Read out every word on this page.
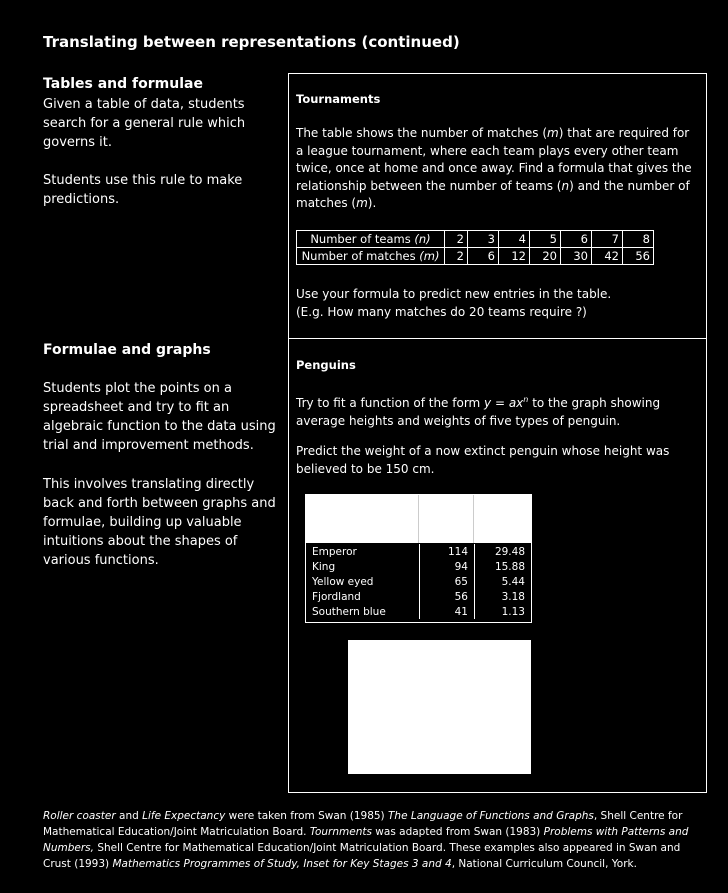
Translating between representations (continued)
Tables and formulae
Given a table of data, students search for a general rule which governs it.
Students use this rule to make predictions.
Formulae and graphs
Students plot the points on a spreadsheet and try to fit an algebraic function to the data using trial and improvement methods.
This involves translating directly back and forth between graphs and formulae, building up valuable intuitions about the shapes of various functions.
Tournaments
The table shows the number of matches (m) that are required for a league tournament, where each team plays every other team twice, once at home and once away. Find a formula that gives the relationship between the number of teams (n) and the number of matches (m).
Number of teams (n)	2	3	4	5	6	7	8
Number of matches (m)	2	6	12	20	30	42	56
Use your formula to predict new entries in the table.
(E.g. How many matches do 20 teams require ?)
Penguins
Try to fit a function of the form $y = ax^n$ to the graph showing average heights and weights of five types of penguin.
Predict the weight of a now extinct penguin whose height was believed to be 150 cm.
Emperor	114	29.48
King	94	15.88
Yellow eyed	65	5.44
Fjordland	56	3.18
Southern blue	41	1.13
Roller coaster and Life Expectancy were taken from Swan (1985) The Language of Functions and Graphs, Shell Centre for Mathematical Education/Joint Matriculation Board. Tournments was adapted from Swan (1983) Problems with Patterns and Numbers, Shell Centre for Mathematical Education/Joint Matriculation Board. These examples also appeared in Swan and Crust (1993) Mathematics Programmes of Study, Inset for Key Stages 3 and 4, National Curriculum Council, York.
